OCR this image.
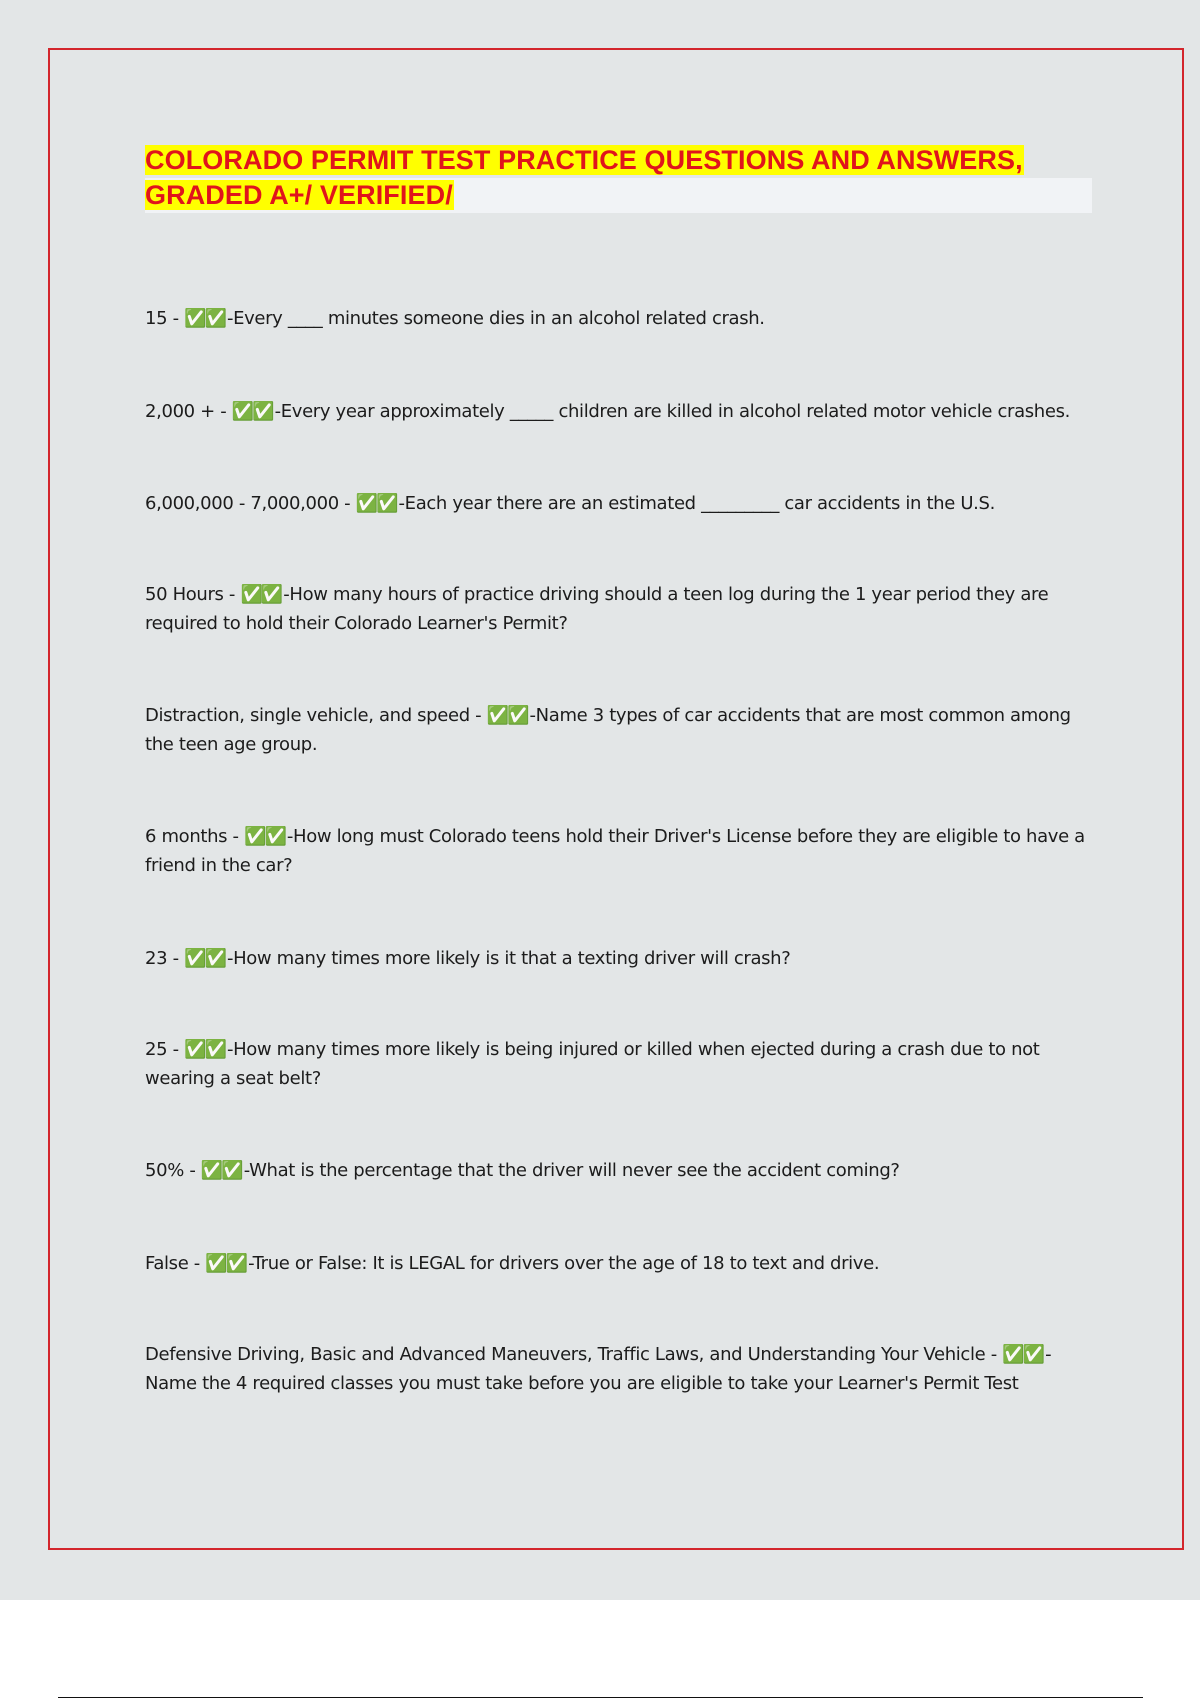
COLORADO PERMIT TEST PRACTICE QUESTIONS AND ANSWERS,
GRADED A+/ VERIFIED/
15 - ✅✅ -Every ____ minutes someone dies in an alcohol related crash.
2,000 + - ✅✅ -Every year approximately _____ children are killed in alcohol related motor vehicle crashes.
6,000,000 - 7,000,000 - ✅✅ -Each year there are an estimated _________ car accidents in the U.S.
50 Hours - ✅✅ -How many hours of practice driving should a teen log during the 1 year period they are required to hold their Colorado Learner's Permit?
Distraction, single vehicle, and speed - ✅✅ -Name 3 types of car accidents that are most common among the teen age group.
6 months - ✅✅ -How long must Colorado teens hold their Driver's License before they are eligible to have a friend in the car?
23 - ✅✅ -How many times more likely is it that a texting driver will crash?
25 - ✅✅ -How many times more likely is being injured or killed when ejected during a crash due to not wearing a seat belt?
50% - ✅✅ -What is the percentage that the driver will never see the accident coming?
False - ✅✅ -True or False: It is LEGAL for drivers over the age of 18 to text and drive.
Defensive Driving, Basic and Advanced Maneuvers, Traffic Laws, and Understanding Your Vehicle - ✅✅ -Name the 4 required classes you must take before you are eligible to take your Learner's Permit Test
